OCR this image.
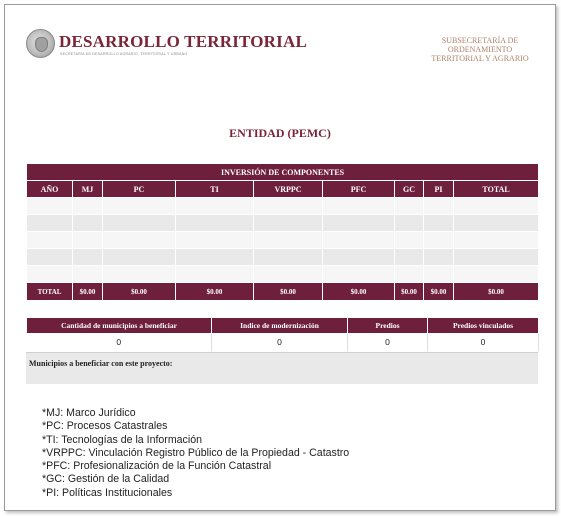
DESARROLLO TERRITORIAL
SECRETARÍA DE DESARROLLO AGRARIO, TERRITORIAL Y URBANO
SUBSECRETARÍA DE
ORDENAMIENTO
TERRITORIAL Y AGRARIO
ENTIDAD (PEMC)
INVERSIÓN DE COMPONENTES								
AÑO	MJ	PC	TI	VRPPC	PFC	GC	PI	TOTAL

TOTAL	$0.00	$0.00	$0.00	$0.00	$0.00	$0.00	$0.00	$0.00
Cantidad de municipios a beneficiar	Indice de modernización	Predios	Predios vinculados
0	0	0	0
Municipios a beneficiar con este proyecto:
*MJ: Marco Jurídico
*PC: Procesos Catastrales
*TI: Tecnologías de la Información
*VRPPC: Vinculación Registro Público de la Propiedad - Catastro
*PFC: Profesionalización de la Función Catastral
*GC: Gestión de la Calidad
*PI: Políticas Institucionales
